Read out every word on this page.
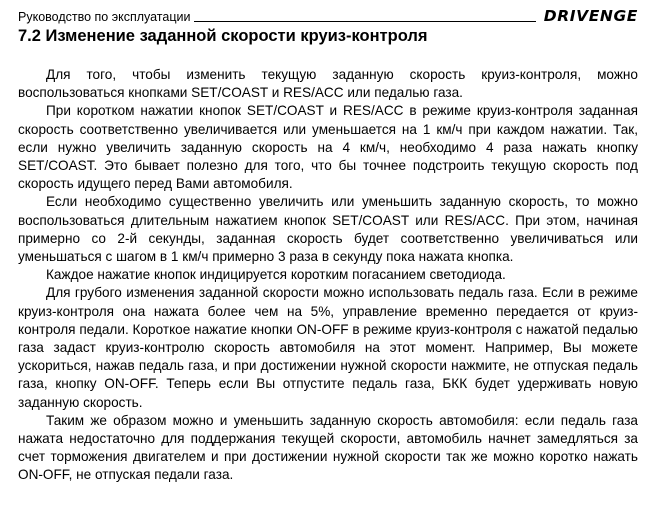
Руководство по эксплуатации	DRIVENGE
7.2 Изменение заданной скорости круиз-контроля

Для того, чтобы изменить текущую заданную скорость круиз-контроля, можно воспользоваться кнопками SET/COAST и RES/ACC или педалью газа.

При коротком нажатии кнопок SET/COAST и RES/ACC в режиме круиз-контроля заданная скорость соответственно увеличивается или уменьшается на 1 км/ч при каждом нажатии. Так, если нужно увеличить заданную скорость на 4 км/ч, необходимо 4 раза нажать кнопку SET/COAST. Это бывает полезно для того, что бы точнее подстроить текущую скорость под скорость идущего перед Вами автомобиля.

Если необходимо существенно увеличить или уменьшить заданную скорость, то можно воспользоваться длительным нажатием кнопок SET/COAST или RES/ACC. При этом, начиная примерно со 2-й секунды, заданная скорость будет соответственно увеличиваться или уменьшаться с шагом в 1 км/ч примерно 3 раза в секунду пока нажата кнопка.

Каждое нажатие кнопок индицируется коротким погасанием светодиода.

Для грубого изменения заданной скорости можно использовать педаль газа. Если в режиме круиз-контроля она нажата более чем на 5%, управление временно передается от круиз-контроля педали. Короткое нажатие кнопки ON-OFF в режиме круиз-контроля с нажатой педалью газа задаст круиз-контролю скорость автомобиля на этот момент. Например, Вы можете ускориться, нажав педаль газа, и при достижении нужной скорости нажмите, не отпуская педаль газа, кнопку ON-OFF. Теперь если Вы отпустите педаль газа, БКК будет удерживать новую заданную скорость.

Таким же образом можно и уменьшить заданную скорость автомобиля: если педаль газа нажата недостаточно для поддержания текущей скорости, автомобиль начнет замедляться за счет торможения двигателем и при достижении нужной скорости так же можно коротко нажать ON-OFF, не отпуская педали газа.
